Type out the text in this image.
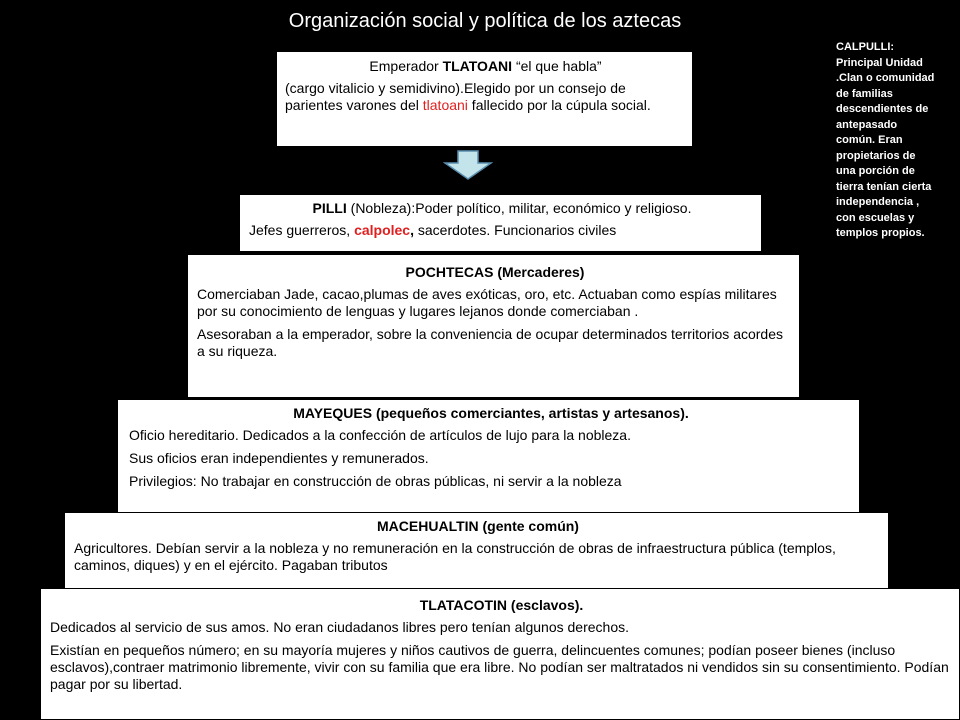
Organización social y política de los aztecas
CALPULLI: Principal Unidad .Clan o comunidad de familias descendientes de antepasado común. Eran propietarios de una porción de tierra tenían cierta independencia , con escuelas y templos propios.

Emperador TLATOANI “el que habla”

(cargo vitalicio y semidivino).Elegido por un consejo de parientes varones del tlatoani fallecido por la cúpula social.

PILLI (Nobleza):Poder político, militar, económico y religioso.

Jefes guerreros, calpolec, sacerdotes. Funcionarios civiles

POCHTECAS (Mercaderes)

Comerciaban Jade, cacao,plumas de aves exóticas, oro, etc. Actuaban como espías militares por su conocimiento de lenguas y lugares lejanos donde comerciaban .

Asesoraban a la emperador, sobre la conveniencia de ocupar determinados territorios acordes a su riqueza.

MAYEQUES (pequeños comerciantes, artistas y artesanos).

Oficio hereditario. Dedicados a la confección de artículos de lujo para la nobleza.

Sus oficios eran independientes y remunerados.

Privilegios: No trabajar en construcción de obras públicas, ni servir a la nobleza

MACEHUALTIN (gente común)

Agricultores. Debían servir a la nobleza y no remuneración en la construcción de obras de infraestructura pública (templos, caminos, diques) y en el ejército. Pagaban tributos

TLATACOTIN (esclavos).

Dedicados al servicio de sus amos. No eran ciudadanos libres pero tenían algunos derechos.

Existían en pequeños número; en su mayoría mujeres y niños cautivos de guerra, delincuentes comunes; podían poseer bienes (incluso esclavos),contraer matrimonio libremente, vivir con su familia que era libre. No podían ser maltratados ni vendidos sin su consentimiento. Podían pagar por su libertad.
